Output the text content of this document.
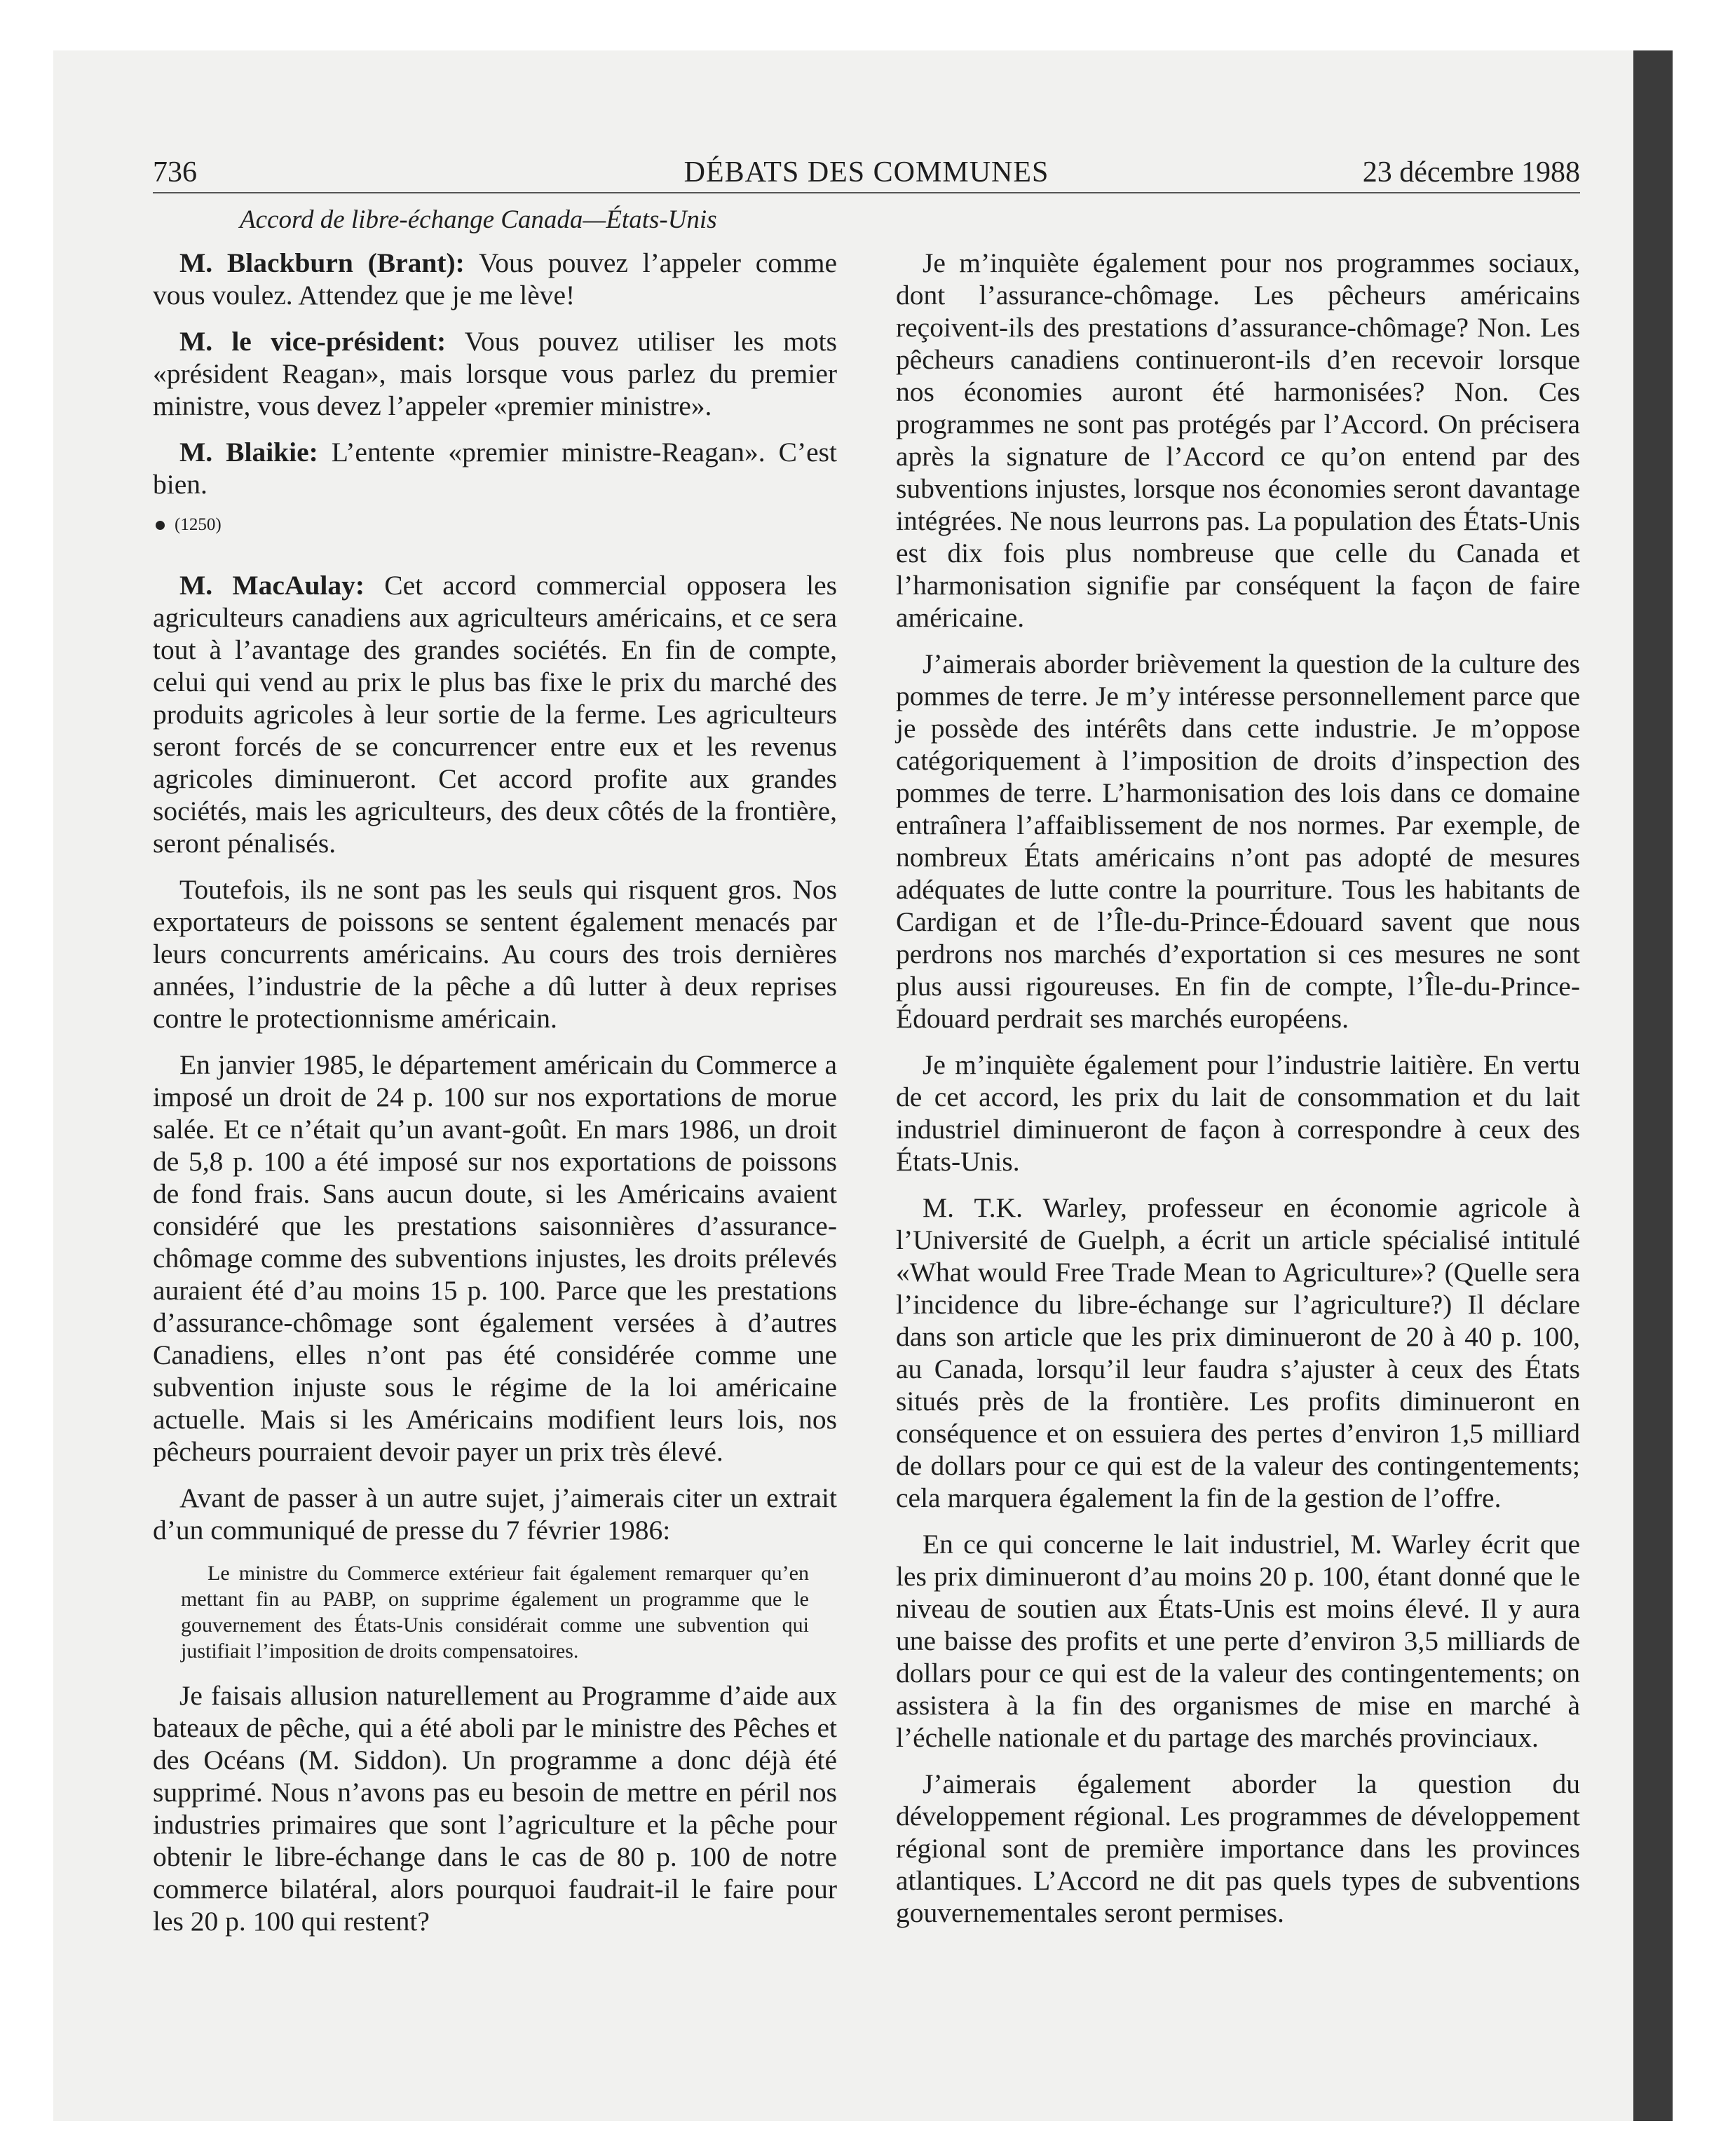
736	DÉBATS DES COMMUNES	23 décembre 1988
Accord de libre-échange Canada—États-Unis

M. Blackburn (Brant): Vous pouvez l’appeler comme vous voulez. Attendez que je me lève!

M. le vice-président: Vous pouvez utiliser les mots «président Reagan», mais lorsque vous parlez du premier ministre, vous devez l’appeler «premier ministre».

M. Blaikie: L’entente «premier ministre-Reagan». C’est bien.

(1250)

M. MacAulay: Cet accord commercial opposera les agriculteurs canadiens aux agriculteurs américains, et ce sera tout à l’avantage des grandes sociétés. En fin de compte, celui qui vend au prix le plus bas fixe le prix du marché des produits agricoles à leur sortie de la ferme. Les agriculteurs seront forcés de se concurrencer entre eux et les revenus agricoles diminueront. Cet accord profite aux grandes sociétés, mais les agriculteurs, des deux côtés de la frontière, seront pénalisés.

Toutefois, ils ne sont pas les seuls qui risquent gros. Nos exportateurs de poissons se sentent également menacés par leurs concurrents américains. Au cours des trois dernières années, l’industrie de la pêche a dû lutter à deux reprises contre le protectionnisme américain.

En janvier 1985, le département américain du Commerce a imposé un droit de 24 p. 100 sur nos exportations de morue salée. Et ce n’était qu’un avant-goût. En mars 1986, un droit de 5,8 p. 100 a été imposé sur nos exportations de poissons de fond frais. Sans aucun doute, si les Américains avaient considéré que les prestations saisonnières d’assurance-chômage comme des subventions injustes, les droits prélevés auraient été d’au moins 15 p. 100. Parce que les prestations d’assurance-chômage sont également versées à d’autres Canadiens, elles n’ont pas été considérée comme une subvention injuste sous le régime de la loi américaine actuelle. Mais si les Américains modifient leurs lois, nos pêcheurs pourraient devoir payer un prix très élevé.

Avant de passer à un autre sujet, j’aimerais citer un extrait d’un communiqué de presse du 7 février 1986:

Le ministre du Commerce extérieur fait également remarquer qu’en mettant fin au PABP, on supprime également un programme que le gouvernement des États-Unis considérait comme une subvention qui justifiait l’imposition de droits compensatoires.

Je faisais allusion naturellement au Programme d’aide aux bateaux de pêche, qui a été aboli par le ministre des Pêches et des Océans (M. Siddon). Un programme a donc déjà été supprimé. Nous n’avons pas eu besoin de mettre en péril nos industries primaires que sont l’agriculture et la pêche pour obtenir le libre-échange dans le cas de 80 p. 100 de notre commerce bilatéral, alors pourquoi faudrait-il le faire pour les 20 p. 100 qui restent?

Je m’inquiète également pour nos programmes sociaux, dont l’assurance-chômage. Les pêcheurs américains reçoivent-ils des prestations d’assurance-chômage? Non. Les pêcheurs canadiens continueront-ils d’en recevoir lorsque nos économies auront été harmonisées? Non. Ces programmes ne sont pas protégés par l’Accord. On précisera après la signature de l’Accord ce qu’on entend par des subventions injustes, lorsque nos économies seront davantage intégrées. Ne nous leurrons pas. La population des États-Unis est dix fois plus nombreuse que celle du Canada et l’harmonisation signifie par conséquent la façon de faire américaine.

J’aimerais aborder brièvement la question de la culture des pommes de terre. Je m’y intéresse personnellement parce que je possède des intérêts dans cette industrie. Je m’oppose catégoriquement à l’imposition de droits d’inspection des pommes de terre. L’harmonisation des lois dans ce domaine entraînera l’affaiblissement de nos normes. Par exemple, de nombreux États américains n’ont pas adopté de mesures adéquates de lutte contre la pourriture. Tous les habitants de Cardigan et de l’Île-du-Prince-Édouard savent que nous perdrons nos marchés d’exportation si ces mesures ne sont plus aussi rigoureuses. En fin de compte, l’Île-du-Prince-Édouard perdrait ses marchés européens.

Je m’inquiète également pour l’industrie laitière. En vertu de cet accord, les prix du lait de consommation et du lait industriel diminueront de façon à correspondre à ceux des États-Unis.

M. T.K. Warley, professeur en économie agricole à l’Université de Guelph, a écrit un article spécialisé intitulé «What would Free Trade Mean to Agriculture»? (Quelle sera l’incidence du libre-échange sur l’agriculture?) Il déclare dans son article que les prix diminueront de 20 à 40 p. 100, au Canada, lorsqu’il leur faudra s’ajuster à ceux des États situés près de la frontière. Les profits diminueront en conséquence et on essuiera des pertes d’environ 1,5 milliard de dollars pour ce qui est de la valeur des contingentements; cela marquera également la fin de la gestion de l’offre.

En ce qui concerne le lait industriel, M. Warley écrit que les prix diminueront d’au moins 20 p. 100, étant donné que le niveau de soutien aux États-Unis est moins élevé. Il y aura une baisse des profits et une perte d’environ 3,5 milliards de dollars pour ce qui est de la valeur des contingentements; on assistera à la fin des organismes de mise en marché à l’échelle nationale et du partage des marchés provinciaux.

J’aimerais également aborder la question du développement régional. Les programmes de développement régional sont de première importance dans les provinces atlantiques. L’Accord ne dit pas quels types de subventions gouvernementales seront permises.
